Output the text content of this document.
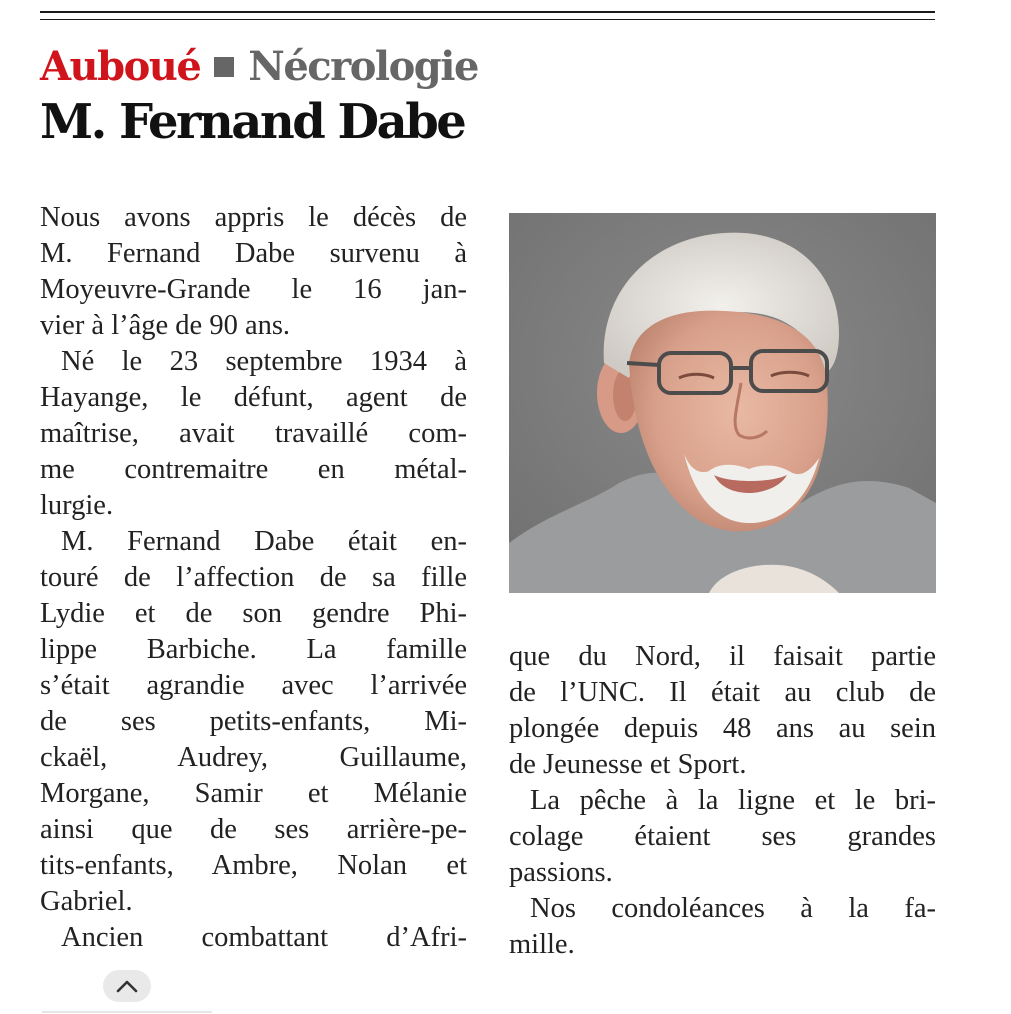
Auboué Nécrologie
M. Fernand Dabe
Nous avons appris le décès de
M. Fernand Dabe survenu à
Moyeuvre-Grande le 16 jan-
vier à l’âge de 90 ans.
Né le 23 septembre 1934 à
Hayange, le défunt, agent de
maîtrise, avait travaillé com-
me contremaitre en métal-
lurgie.
M. Fernand Dabe était en-
touré de l’affection de sa fille
Lydie et de son gendre Phi-
lippe Barbiche. La famille
s’était agrandie avec l’arrivée
de ses petits-enfants, Mi-
ckaël, Audrey, Guillaume,
Morgane, Samir et Mélanie
ainsi que de ses arrière-pe-
tits-enfants, Ambre, Nolan et
Gabriel.
Ancien combattant d’Afri-
que du Nord, il faisait partie
de l’UNC. Il était au club de
plongée depuis 48 ans au sein
de Jeunesse et Sport.
La pêche à la ligne et le bri-
colage étaient ses grandes
passions.
Nos condoléances à la fa-
mille.
